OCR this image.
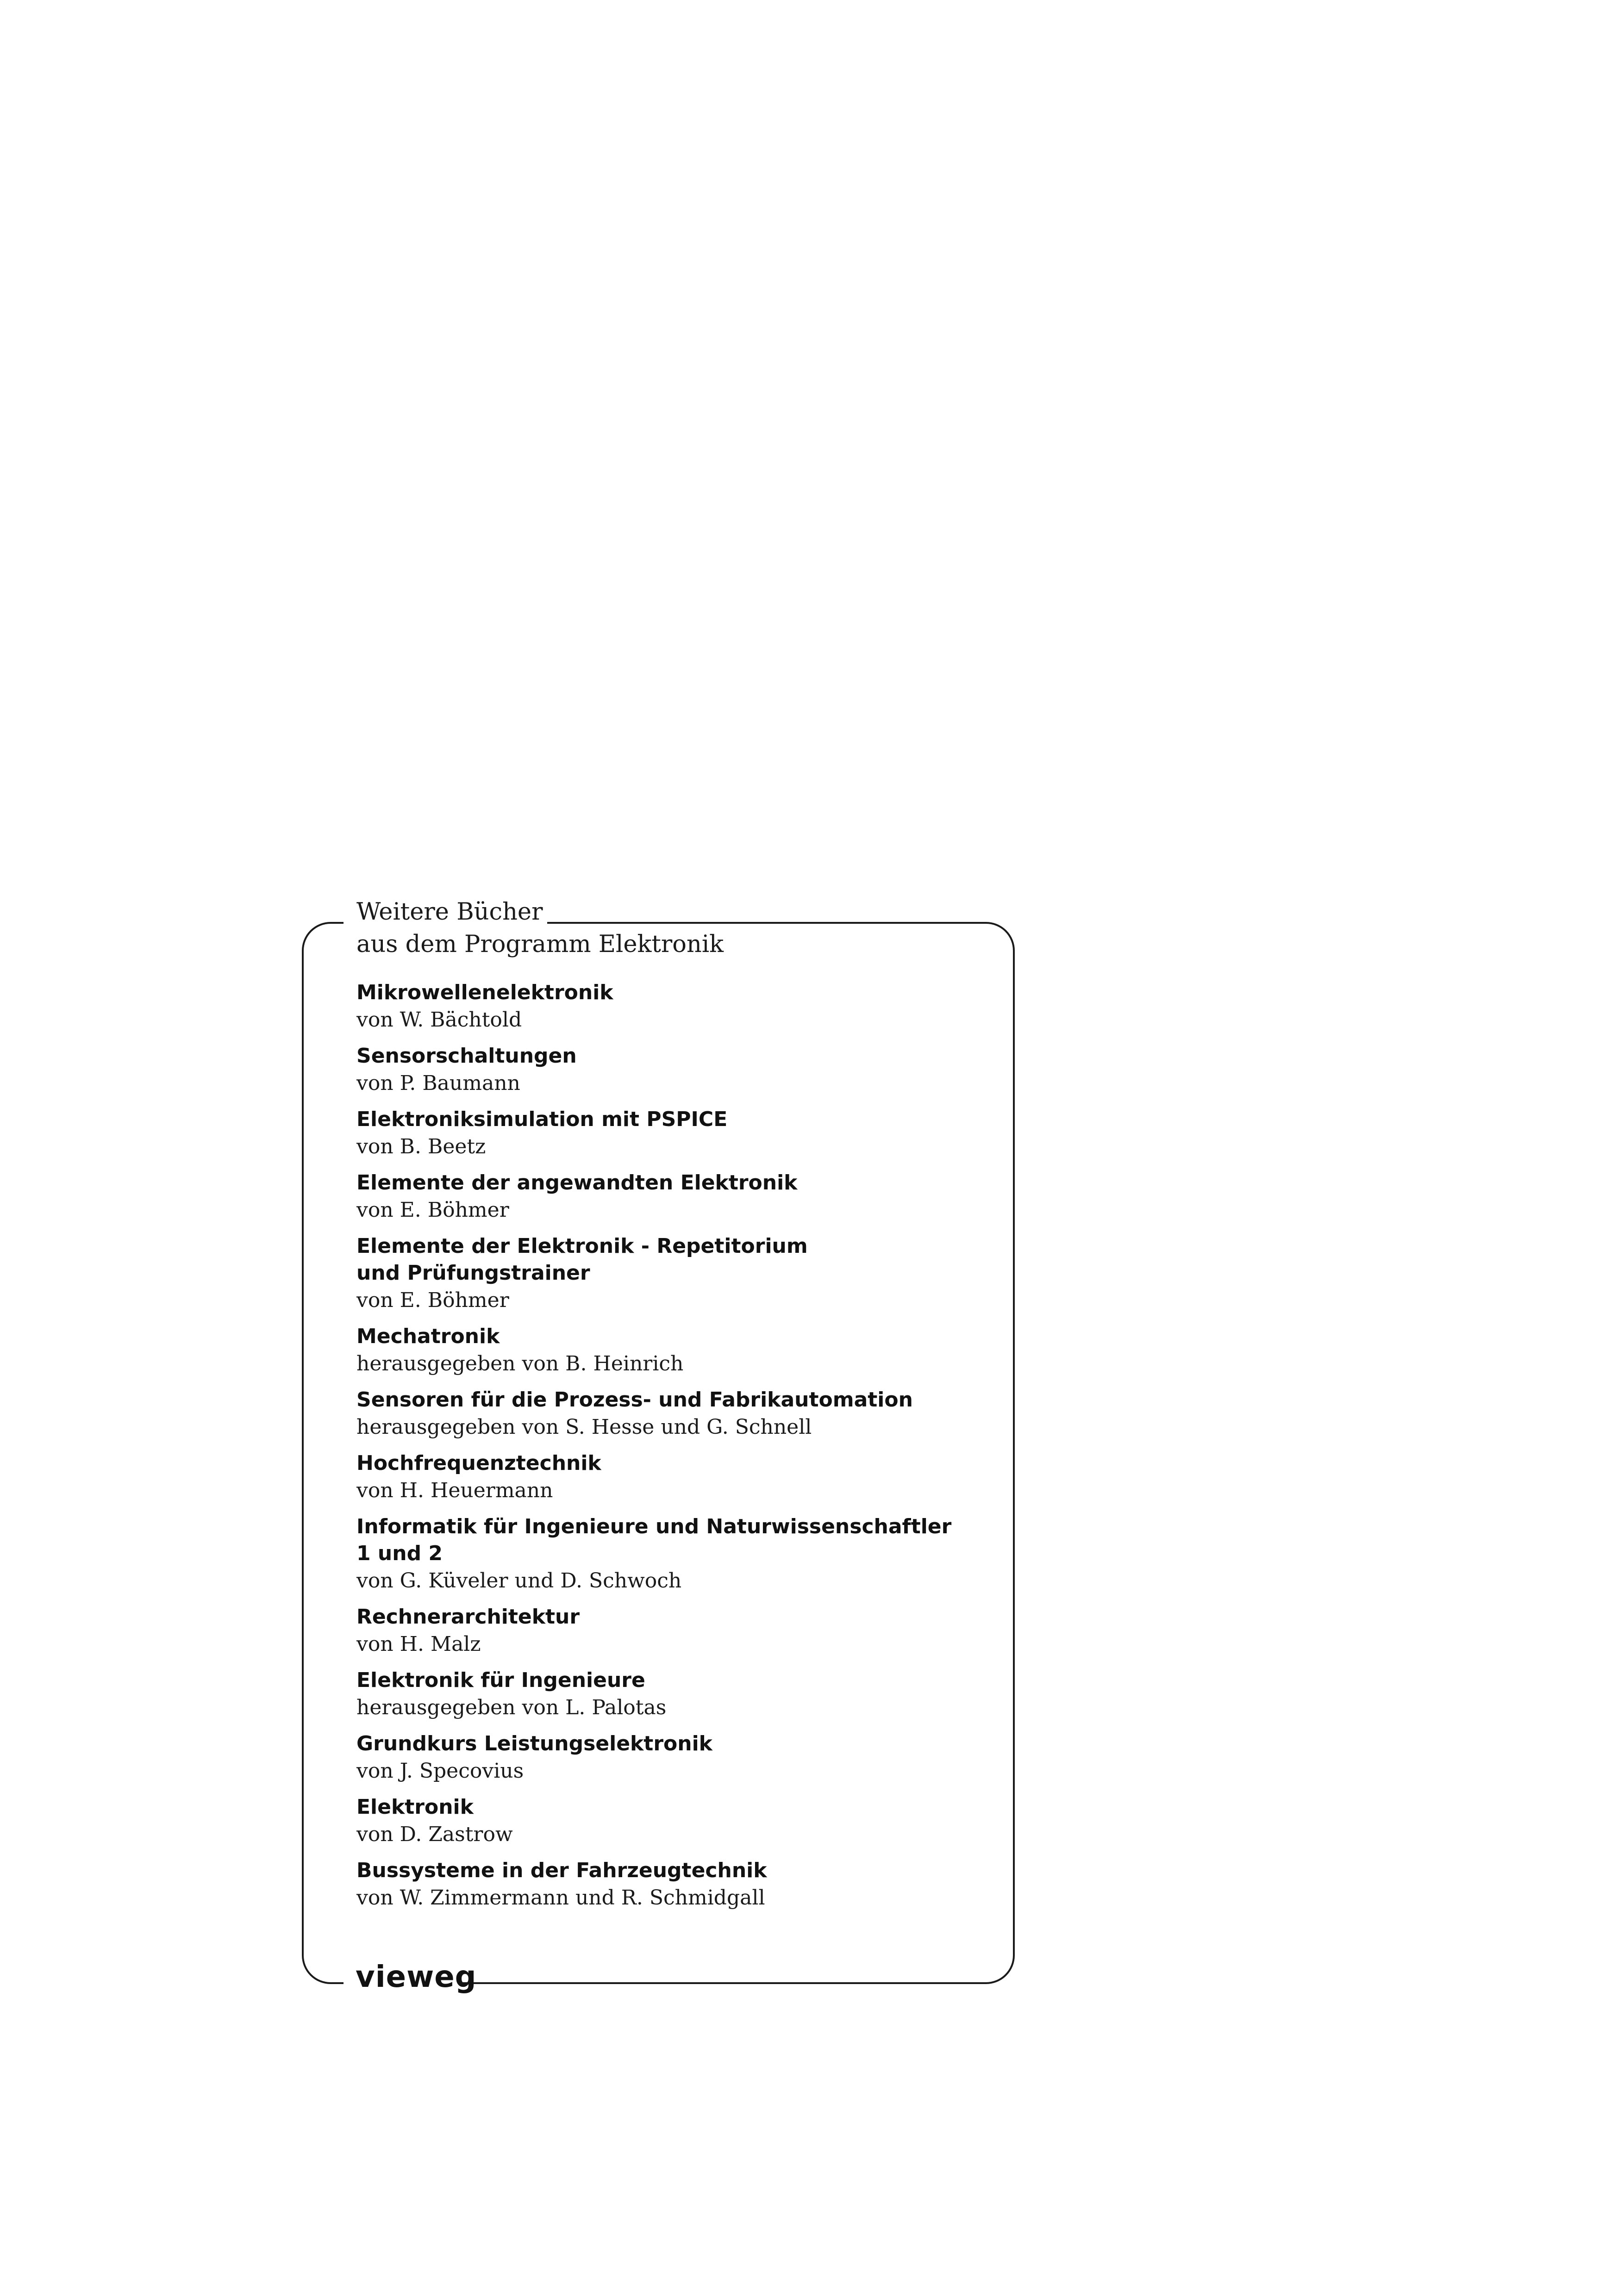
Weitere Bücher
aus dem Programm Elektronik
Mikrowellenelektronik
von W. Bächtold
Sensorschaltungen
von P. Baumann
Elektroniksimulation mit PSPICE
von B. Beetz
Elemente der angewandten Elektronik
von E. Böhmer
Elemente der Elektronik - Repetitorium
und Prüfungstrainer
von E. Böhmer
Mechatronik
herausgegeben von B. Heinrich
Sensoren für die Prozess- und Fabrikautomation
herausgegeben von S. Hesse und G. Schnell
Hochfrequenztechnik
von H. Heuermann
Informatik für Ingenieure und Naturwissenschaftler
1 und 2
von G. Küveler und D. Schwoch
Rechnerarchitektur
von H. Malz
Elektronik für Ingenieure
herausgegeben von L. Palotas
Grundkurs Leistungselektronik
von J. Specovius
Elektronik
von D. Zastrow
Bussysteme in der Fahrzeugtechnik
von W. Zimmermann und R. Schmidgall
vieweg
